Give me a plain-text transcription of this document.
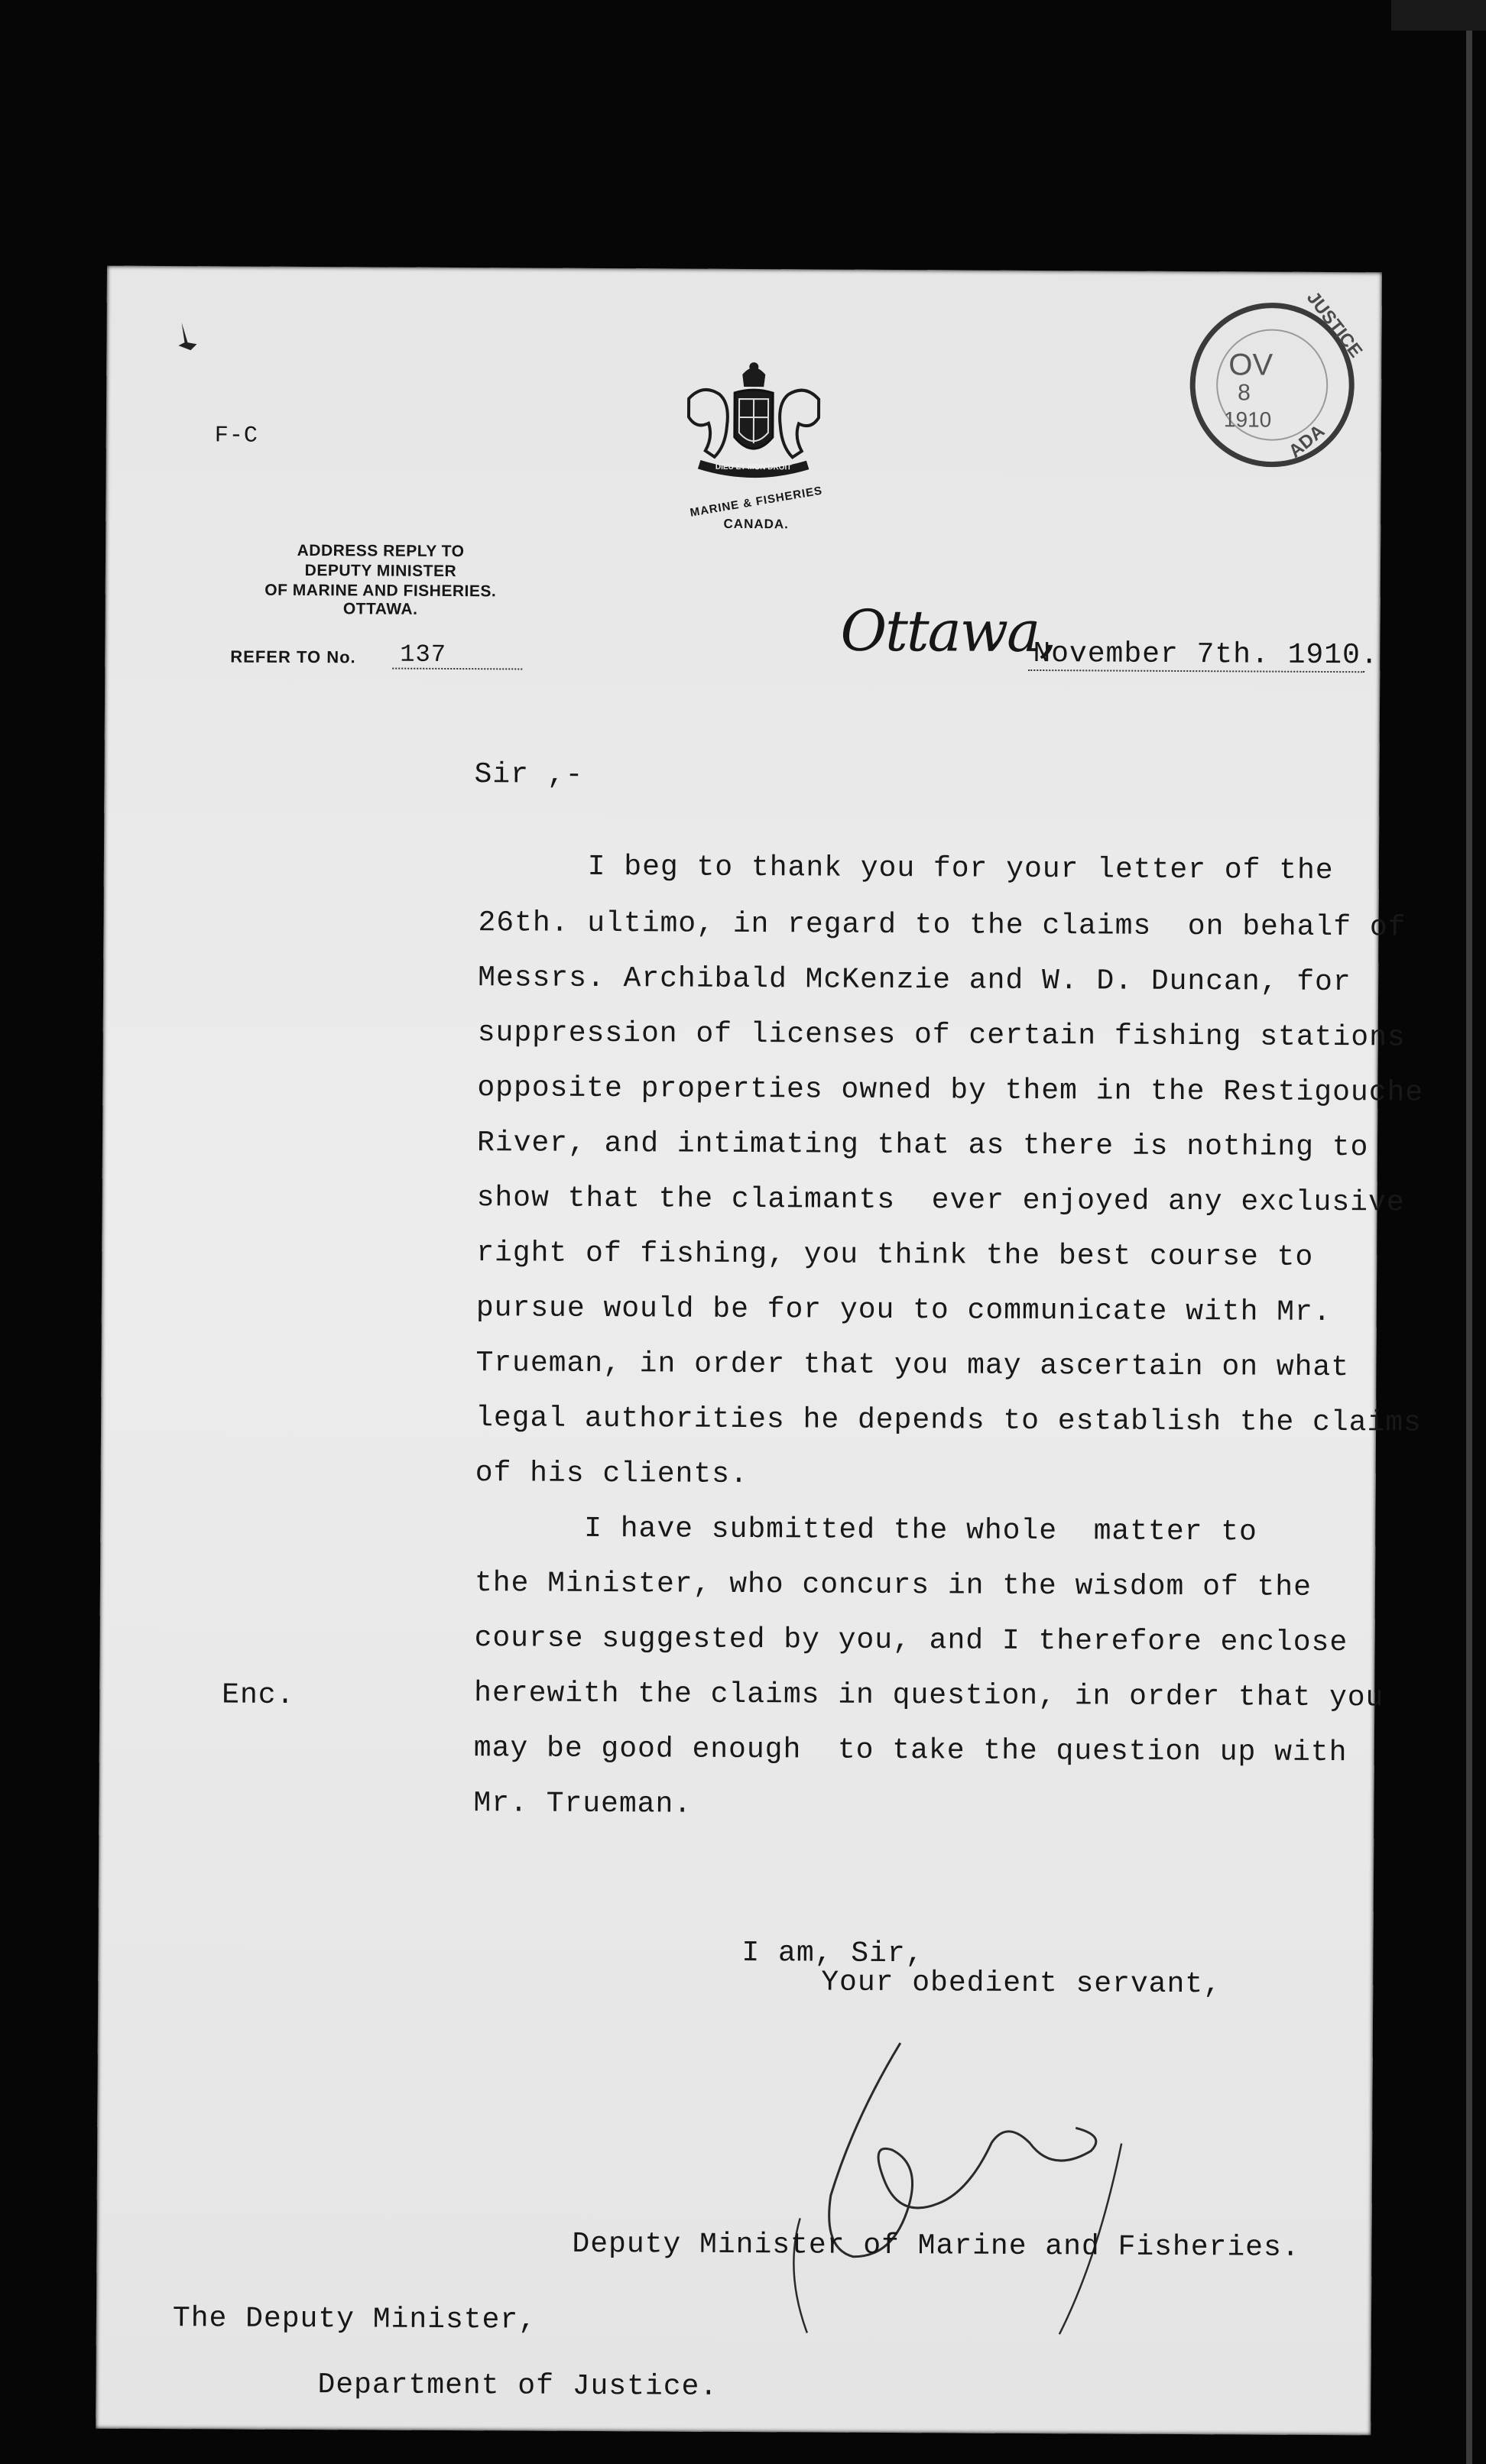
F-C
DIEU ET MON DROIT
MARINE & FISHERIES
CANADA.
JUSTICE
OV
8
1910
ADA
ADDRESS REPLY TO
DEPUTY MINISTER
OF MARINE AND FISHERIES.
OTTAWA.
REFER TO No. 137	Ottawa,
November 7th. 1910.
Sir ,-
I beg to thank you for your letter of the
26th. ultimo, in regard to the claims  on behalf of
Messrs. Archibald McKenzie and W. D. Duncan, for
suppression of licenses of certain fishing stations
opposite properties owned by them in the Restigouche
River, and intimating that as there is nothing to
show that the claimants  ever enjoyed any exclusive
right of fishing, you think the best course to
pursue would be for you to communicate with Mr.
Trueman, in order that you may ascertain on what
legal authorities he depends to establish the claims
of his clients.
I have submitted the whole  matter to
the Minister, who concurs in the wisdom of the
course suggested by you, and I therefore enclose
herewith the claims in question, in order that you
may be good enough  to take the question up with
Mr. Trueman.
Enc.
I am, Sir,
Your obedient servant,
Deputy Minister of Marine and Fisheries.
The Deputy Minister,
Department of Justice.
